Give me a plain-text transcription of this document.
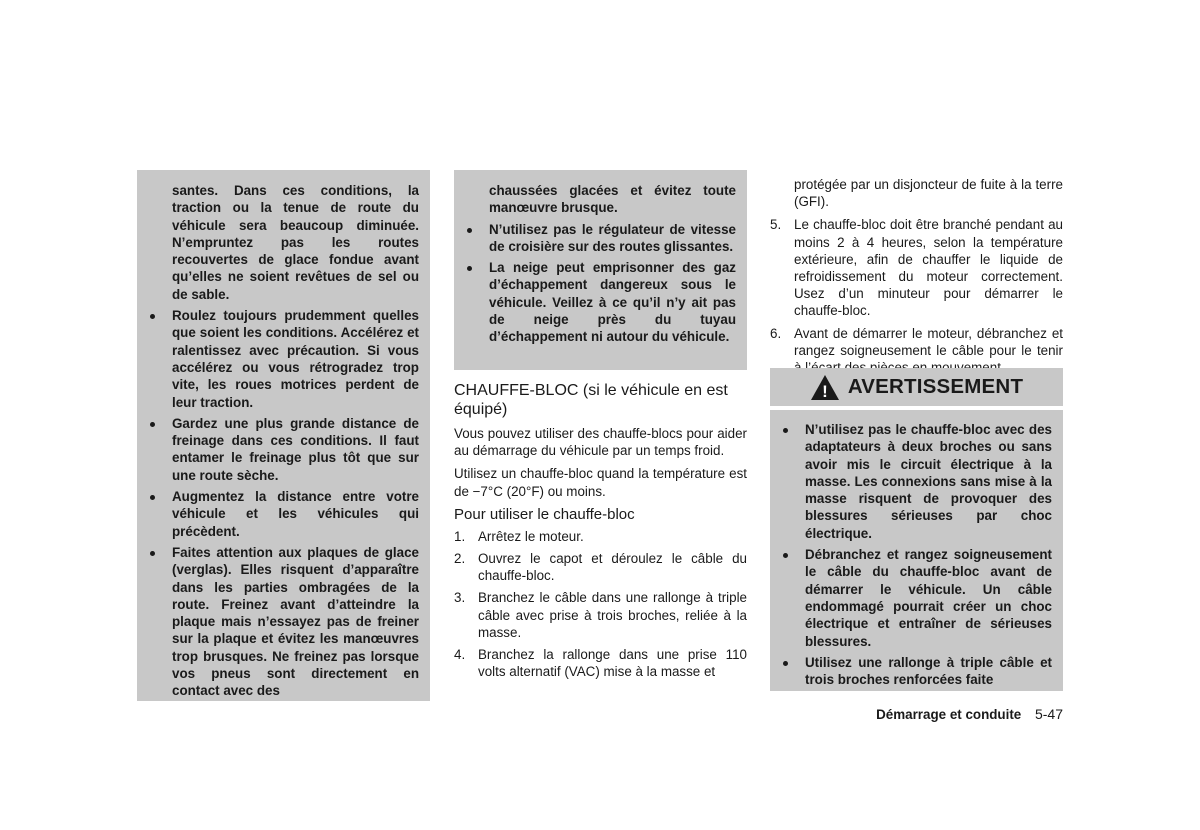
santes. Dans ces conditions, la traction ou la tenue de route du véhicule sera beaucoup diminuée. N’empruntez pas les routes recouvertes de glace fondue avant qu’elles ne soient revêtues de sel ou de sable.

Roulez toujours prudemment quelles que soient les conditions. Accélérez et ralentissez avec précaution. Si vous accélérez ou vous rétrogradez trop vite, les roues motrices perdent de leur traction.
Gardez une plus grande distance de freinage dans ces conditions. Il faut entamer le freinage plus tôt que sur une route sèche.
Augmentez la distance entre votre véhicule et les véhicules qui précèdent.
Faites attention aux plaques de glace (verglas). Elles risquent d’apparaître dans les parties ombragées de la route. Freinez avant d’atteindre la plaque mais n’essayez pas de freiner sur la plaque et évitez les manœuvres trop brusques. Ne freinez pas lorsque vos pneus sont directement en contact avec des

chaussées glacées et évitez toute manœuvre brusque.

N’utilisez pas le régulateur de vitesse de croisière sur des routes glissantes.
La neige peut emprisonner des gaz d’échappement dangereux sous le véhicule. Veillez à ce qu’il n’y ait pas de neige près du tuyau d’échappement ni autour du véhicule.
CHAUFFE-BLOC (si le véhicule en est équipé)

Vous pouvez utiliser des chauffe-blocs pour aider au démarrage du véhicule par un temps froid.

Utilisez un chauffe-bloc quand la température est de −7°C (20°F) ou moins.

Pour utiliser le chauffe-bloc
1. Arrêtez le moteur.
2. Ouvrez le capot et déroulez le câble du chauffe-bloc.
3. Branchez le câble dans une rallonge à triple câble avec prise à trois broches, reliée à la masse.
4. Branchez la rallonge dans une prise 110 volts alternatif (VAC) mise à la masse et

protégée par un disjoncteur de fuite à la terre (GFI).

5. Le chauffe-bloc doit être branché pendant au moins 2 à 4 heures, selon la température extérieure, afin de chauffer le liquide de refroidissement du moteur correctement. Usez d’un minuteur pour démarrer le chauffe-bloc.
6. Avant de démarrer le moteur, débranchez et rangez soigneusement le câble pour le tenir
! AVERTISSEMENT
N’utilisez pas le chauffe-bloc avec des adaptateurs à deux broches ou sans avoir mis le circuit électrique à la masse. Les connexions sans mise à la masse risquent de provoquer des blessures sérieuses par choc électrique.
Débranchez et rangez soigneusement le câble du chauffe-bloc avant de démarrer le véhicule. Un câble endommagé pourrait créer un choc électrique et entraîner de sérieuses blessures.
Utilisez une rallonge à triple câble et trois broches renforcées faite
Démarrage et conduite 5-47
